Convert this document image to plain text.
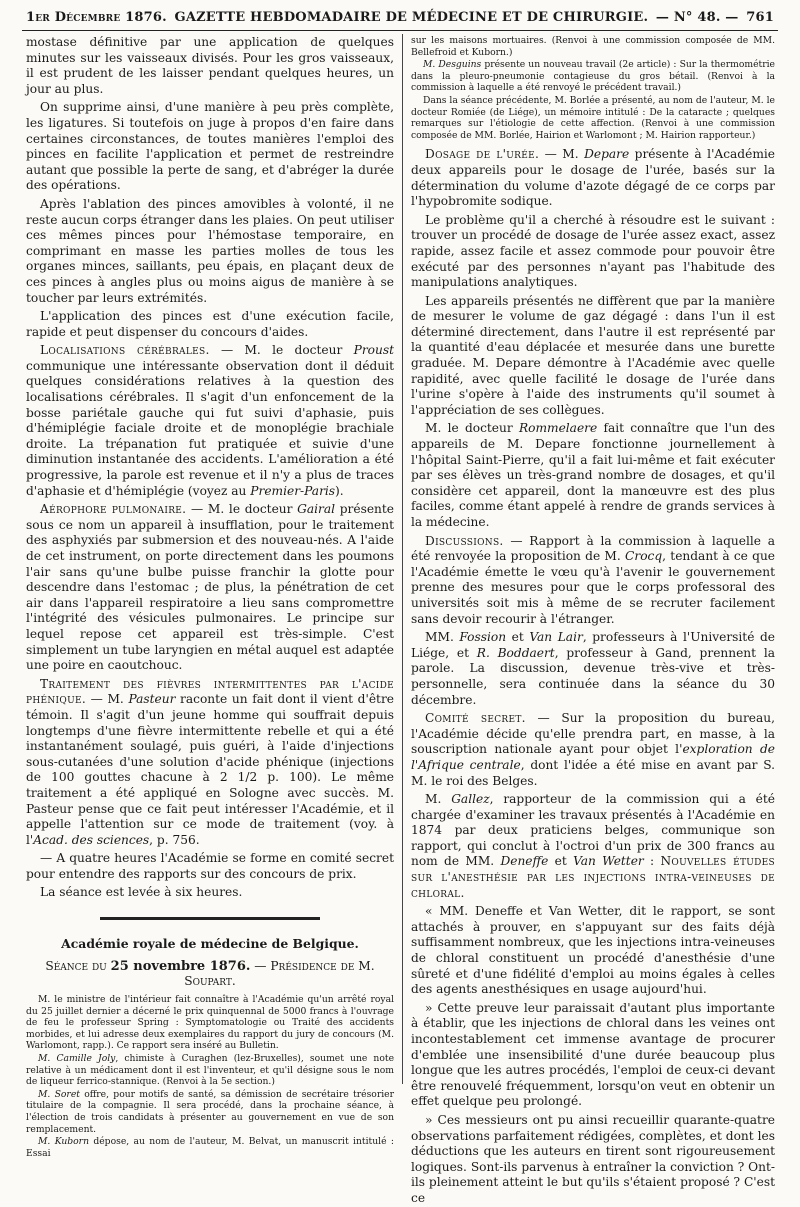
1er Décembre 1876. GAZETTE HEBDOMADAIRE DE MÉDECINE ET DE CHIRURGIE. — N° 48. — 761

mostase définitive par une application de quelques minutes sur les vaisseaux divisés. Pour les gros vaisseaux, il est prudent de les laisser pendant quelques heures, un jour au plus.

On supprime ainsi, d'une manière à peu près complète, les ligatures. Si toutefois on juge à propos d'en faire dans certaines circonstances, de toutes manières l'emploi des pinces en facilite l'application et permet de restreindre autant que possible la perte de sang, et d'abréger la durée des opérations.

Après l'ablation des pinces amovibles à volonté, il ne reste aucun corps étranger dans les plaies. On peut utiliser ces mêmes pinces pour l'hémostase temporaire, en comprimant en masse les parties molles de tous les organes minces, saillants, peu épais, en plaçant deux de ces pinces à angles plus ou moins aigus de manière à se toucher par leurs extrémités.

L'application des pinces est d'une exécution facile, rapide et peut dispenser du concours d'aides.

Localisations cérébrales. — M. le docteur Proust communique une intéressante observation dont il déduit quelques considérations relatives à la question des localisations cérébrales. Il s'agit d'un enfoncement de la bosse pariétale gauche qui fut suivi d'aphasie, puis d'hémiplégie faciale droite et de monoplégie brachiale droite. La trépanation fut pratiquée et suivie d'une diminution instantanée des accidents. L'amélioration a été progressive, la parole est revenue et il n'y a plus de traces d'aphasie et d'hémiplégie (voyez au Premier-Paris).

Aérophore pulmonaire. — M. le docteur Gairal présente sous ce nom un appareil à insufflation, pour le traitement des asphyxiés par submersion et des nouveau-nés. A l'aide de cet instrument, on porte directement dans les poumons l'air sans qu'une bulbe puisse franchir la glotte pour descendre dans l'estomac ; de plus, la pénétration de cet air dans l'appareil respiratoire a lieu sans compromettre l'intégrité des vésicules pulmonaires. Le principe sur lequel repose cet appareil est très-simple. C'est simplement un tube laryngien en métal auquel est adaptée une poire en caoutchouc.

Traitement des fièvres intermittentes par l'acide phénique. — M. Pasteur raconte un fait dont il vient d'être témoin. Il s'agit d'un jeune homme qui souffrait depuis longtemps d'une fièvre intermittente rebelle et qui a été instantanément soulagé, puis guéri, à l'aide d'injections sous-cutanées d'une solution d'acide phénique (injections de 100 gouttes chacune à 2 1/2 p. 100). Le même traitement a été appliqué en Sologne avec succès. M. Pasteur pense que ce fait peut intéresser l'Académie, et il appelle l'attention sur ce mode de traitement (voy. à l'Acad. des sciences, p. 756.

— A quatre heures l'Académie se forme en comité secret pour entendre des rapports sur des concours de prix.

La séance est levée à six heures.

Académie royale de médecine de Belgique.
Séance du 25 novembre 1876. — Présidence de M. Soupart.

M. le ministre de l'intérieur fait connaître à l'Académie qu'un arrêté royal du 25 juillet dernier a décerné le prix quinquennal de 5000 francs à l'ouvrage de feu le professeur Spring : Symptomatologie ou Traité des accidents morbides, et lui adresse deux exemplaires du rapport du jury de concours (M. Warlomont, rapp.). Ce rapport sera inséré au Bulletin.

M. Camille Joly, chimiste à Curaghen (lez-Bruxelles), soumet une note relative à un médicament dont il est l'inventeur, et qu'il désigne sous le nom de liqueur ferrico-stannique. (Renvoi à la 5e section.)

M. Soret offre, pour motifs de santé, sa démission de secrétaire trésorier titulaire de la compagnie. Il sera procédé, dans la prochaine séance, à l'élection de trois candidats à présenter au gouvernement en vue de son remplacement.

M. Kuborn dépose, au nom de l'auteur, M. Belvat, un manuscrit intitulé : Essai

sur les maisons mortuaires. (Renvoi à une commission composée de MM. Bellefroid et Kuborn.)

M. Desguins présente un nouveau travail (2e article) : Sur la thermométrie dans la pleuro-pneumonie contagieuse du gros bétail. (Renvoi à la commission à laquelle a été renvoyé le précédent travail.)

Dans la séance précédente, M. Borlée a présenté, au nom de l'auteur, M. le docteur Romiée (de Liége), un mémoire intitulé : De la cataracte ; quelques remarques sur l'étiologie de cette affection. (Renvoi à une commission composée de MM. Borlée, Hairion et Warlomont ; M. Hairion rapporteur.)

Dosage de l'urée. — M. Depare présente à l'Académie deux appareils pour le dosage de l'urée, basés sur la détermination du volume d'azote dégagé de ce corps par l'hypobromite sodique.

Le problème qu'il a cherché à résoudre est le suivant : trouver un procédé de dosage de l'urée assez exact, assez rapide, assez facile et assez commode pour pouvoir être exécuté par des personnes n'ayant pas l'habitude des manipulations analytiques.

Les appareils présentés ne diffèrent que par la manière de mesurer le volume de gaz dégagé : dans l'un il est déterminé directement, dans l'autre il est représenté par la quantité d'eau déplacée et mesurée dans une burette graduée. M. Depare démontre à l'Académie avec quelle rapidité, avec quelle facilité le dosage de l'urée dans l'urine s'opère à l'aide des instruments qu'il soumet à l'appréciation de ses collègues.

M. le docteur Rommelaere fait connaître que l'un des appareils de M. Depare fonctionne journellement à l'hôpital Saint-Pierre, qu'il a fait lui-même et fait exécuter par ses élèves un très-grand nombre de dosages, et qu'il considère cet appareil, dont la manœuvre est des plus faciles, comme étant appelé à rendre de grands services à la médecine.

Discussions. — Rapport à la commission à laquelle a été renvoyée la proposition de M. Crocq, tendant à ce que l'Académie émette le vœu qu'à l'avenir le gouvernement prenne des mesures pour que le corps professoral des universités soit mis à même de se recruter facilement sans devoir recourir à l'étranger.

MM. Fossion et Van Lair, professeurs à l'Université de Liége, et R. Boddaert, professeur à Gand, prennent la parole. La discussion, devenue très-vive et très-personnelle, sera continuée dans la séance du 30 décembre.

Comité secret. — Sur la proposition du bureau, l'Académie décide qu'elle prendra part, en masse, à la souscription nationale ayant pour objet l'exploration de l'Afrique centrale, dont l'idée a été mise en avant par S. M. le roi des Belges.

M. Gallez, rapporteur de la commission qui a été chargée d'examiner les travaux présentés à l'Académie en 1874 par deux praticiens belges, communique son rapport, qui conclut à l'octroi d'un prix de 300 francs au nom de MM. Deneffe et Van Wetter : Nouvelles études sur l'anesthésie par les injections intra-veineuses de chloral.

« MM. Deneffe et Van Wetter, dit le rapport, se sont attachés à prouver, en s'appuyant sur des faits déjà suffisamment nombreux, que les injections intra-veineuses de chloral constituent un procédé d'anesthésie d'une sûreté et d'une fidélité d'emploi au moins égales à celles des agents anesthésiques en usage aujourd'hui.

» Cette preuve leur paraissait d'autant plus importante à établir, que les injections de chloral dans les veines ont incontestablement cet immense avantage de procurer d'emblée une insensibilité d'une durée beaucoup plus longue que les autres procédés, l'emploi de ceux-ci devant être renouvelé fréquemment, lorsqu'on veut en obtenir un effet quelque peu prolongé.

» Ces messieurs ont pu ainsi recueillir quarante-quatre observations parfaitement rédigées, complètes, et dont les déductions que les auteurs en tirent sont rigoureusement logiques. Sont-ils parvenus à entraîner la conviction ? Ont-ils pleinement atteint le but qu'ils s'étaient proposé ? C'est ce
